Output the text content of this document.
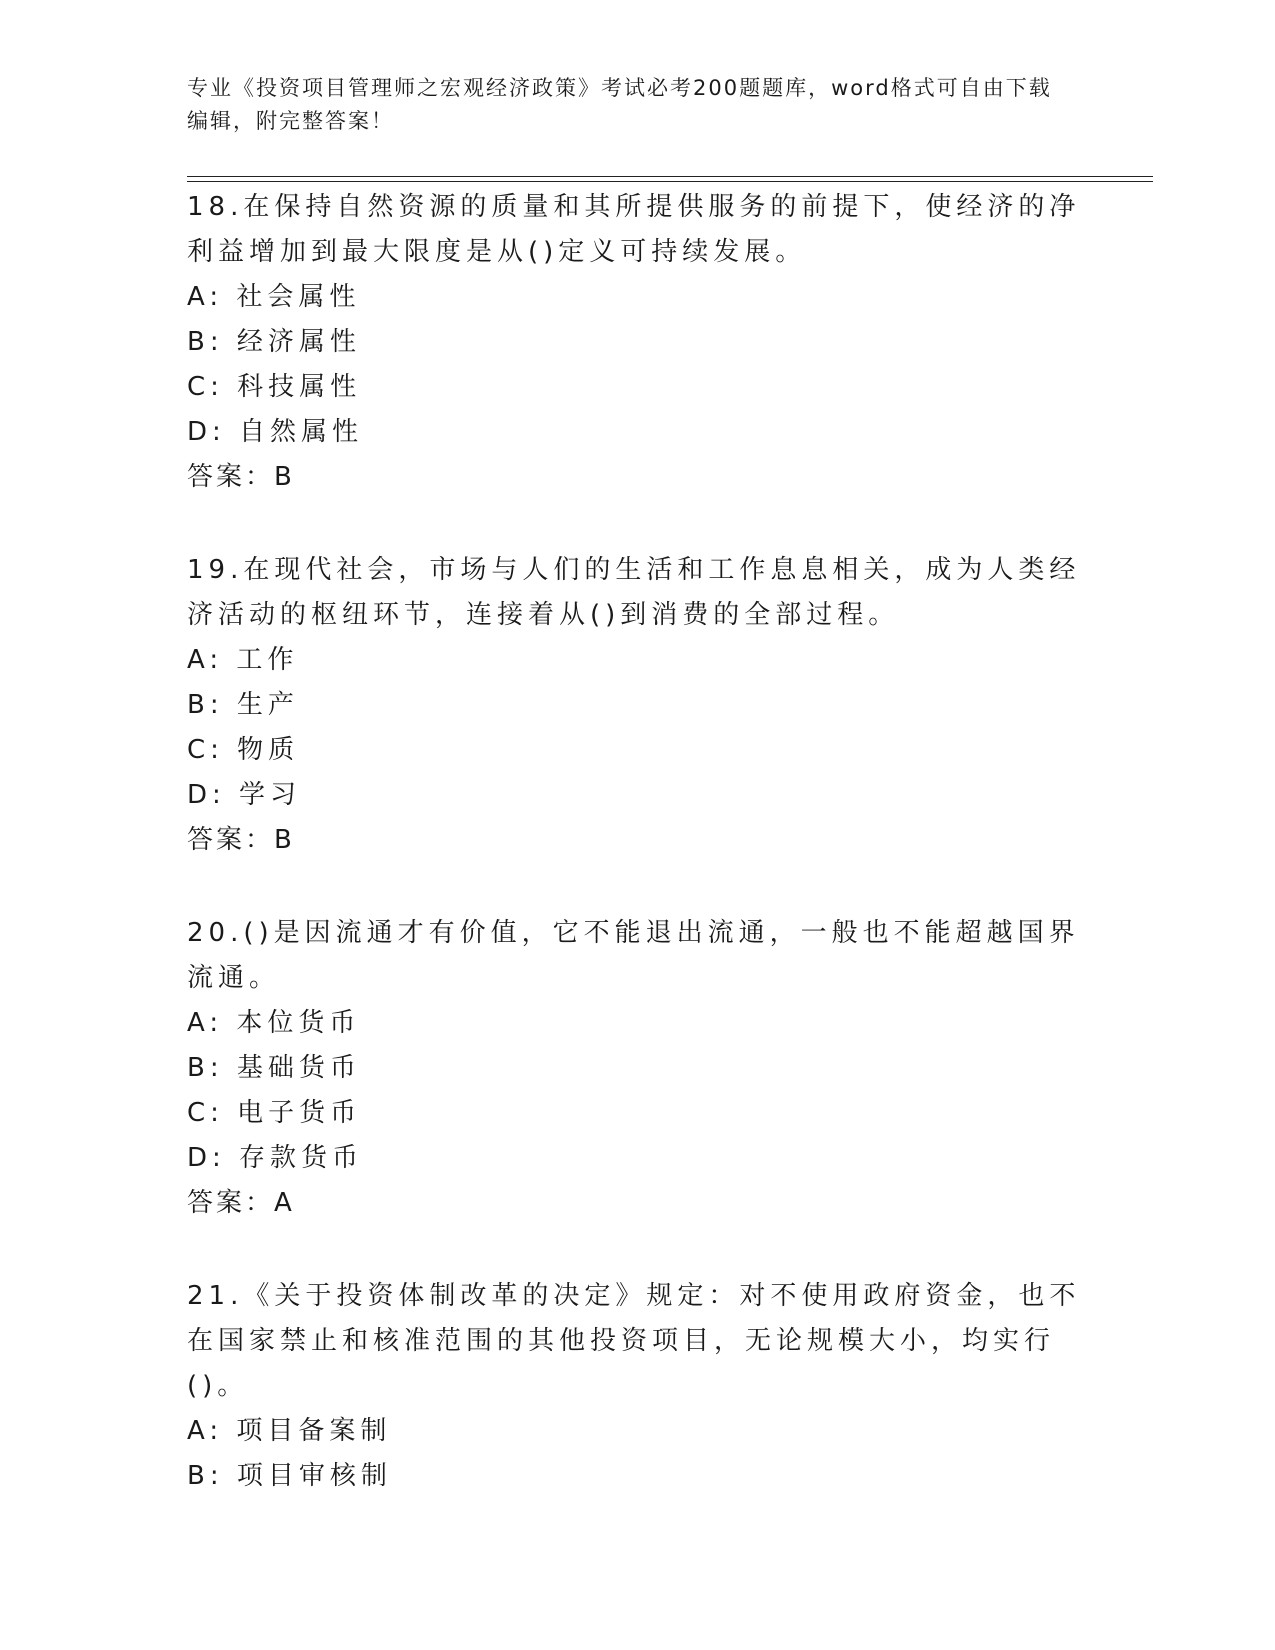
专业《投资项目管理师之宏观经济政策》考试必考200题题库，word格式可自由下载编辑，附完整答案！

18.在保持自然资源的质量和其所提供服务的前提下，使经济的净利益增加到最大限度是从()定义可持续发展。

A: 社会属性

B: 经济属性

C: 科技属性

D: 自然属性

答案：B

19.在现代社会，市场与人们的生活和工作息息相关，成为人类经济活动的枢纽环节，连接着从()到消费的全部过程。

A: 工作

B: 生产

C: 物质

D: 学习

答案：B

20.()是因流通才有价值，它不能退出流通，一般也不能超越国界流通。

A: 本位货币

B: 基础货币

C: 电子货币

D: 存款货币

答案：A

21.《关于投资体制改革的决定》规定：对不使用政府资金，也不在国家禁止和核准范围的其他投资项目，无论规模大小，均实行()。

A: 项目备案制

B: 项目审核制
